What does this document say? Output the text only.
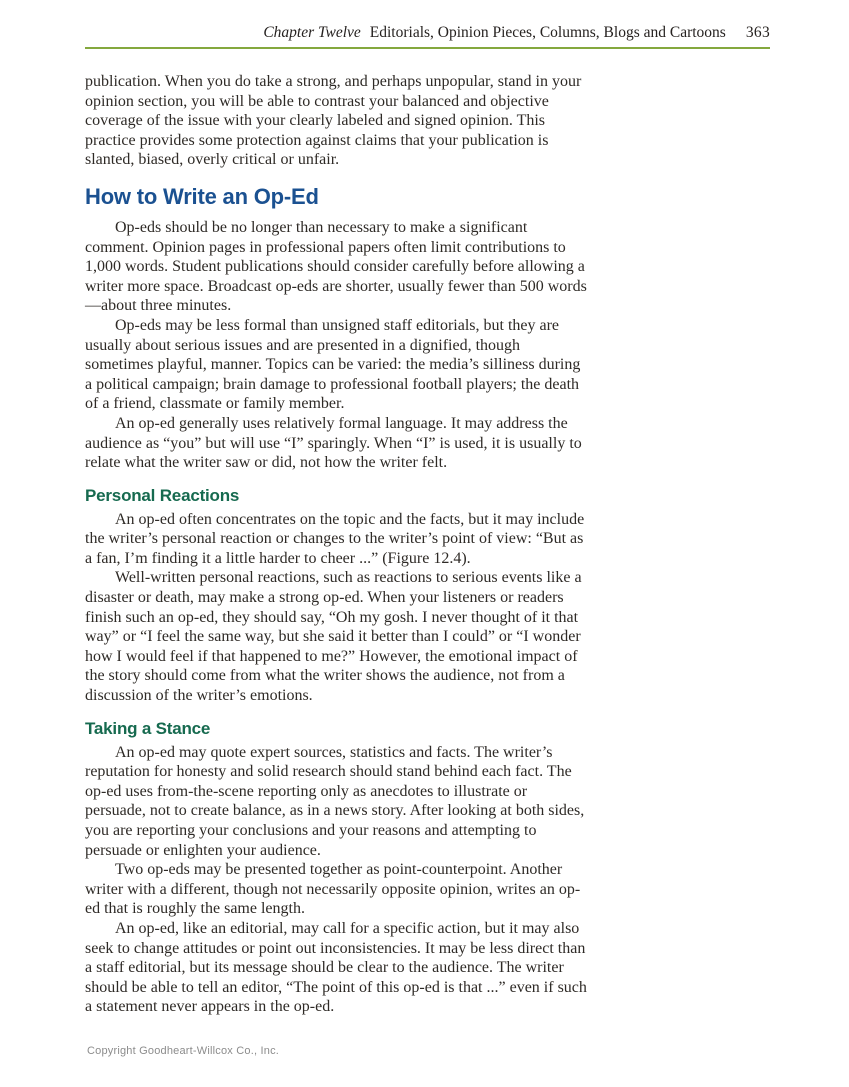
Chapter Twelve Editorials, Opinion Pieces, Columns, Blogs and Cartoons 363

publication. When you do take a strong, and perhaps unpopular, stand in your opinion section, you will be able to contrast your balanced and objective coverage of the issue with your clearly labeled and signed opinion. This practice provides some protection against claims that your publication is slanted, biased, overly critical or unfair.

How to Write an Op-Ed

Op-eds should be no longer than necessary to make a significant comment. Opinion pages in professional papers often limit contributions to 1,000 words. Student publications should consider carefully before allowing a writer more space. Broadcast op-eds are shorter, usually fewer than 500 words—about three minutes.

Op-eds may be less formal than unsigned staff editorials, but they are usually about serious issues and are presented in a dignified, though sometimes playful, manner. Topics can be varied: the media’s silliness during a political campaign; brain damage to professional football players; the death of a friend, classmate or family member.

An op-ed generally uses relatively formal language. It may address the audience as “you” but will use “I” sparingly. When “I” is used, it is usually to relate what the writer saw or did, not how the writer felt.

Personal Reactions

An op-ed often concentrates on the topic and the facts, but it may include the writer’s personal reaction or changes to the writer’s point of view: “But as a fan, I’m finding it a little harder to cheer ...” (Figure 12.4).

Well-written personal reactions, such as reactions to serious events like a disaster or death, may make a strong op-ed. When your listeners or readers finish such an op-ed, they should say, “Oh my gosh. I never thought of it that way” or “I feel the same way, but she said it better than I could” or “I wonder how I would feel if that happened to me?” However, the emotional impact of the story should come from what the writer shows the audience, not from a discussion of the writer’s emotions.

Taking a Stance

An op-ed may quote expert sources, statistics and facts. The writer’s reputation for honesty and solid research should stand behind each fact. The op-ed uses from-the-scene reporting only as anecdotes to illustrate or persuade, not to create balance, as in a news story. After looking at both sides, you are reporting your conclusions and your reasons and attempting to persuade or enlighten your audience.

Two op-eds may be presented together as point-counterpoint. Another writer with a different, though not necessarily opposite opinion, writes an op-ed that is roughly the same length.

An op-ed, like an editorial, may call for a specific action, but it may also seek to change attitudes or point out inconsistencies. It may be less direct than a staff editorial, but its message should be clear to the audience. The writer should be able to tell an editor, “The point of this op-ed is that ...” even if such a statement never appears in the op-ed.

Copyright Goodheart-Willcox Co., Inc.
